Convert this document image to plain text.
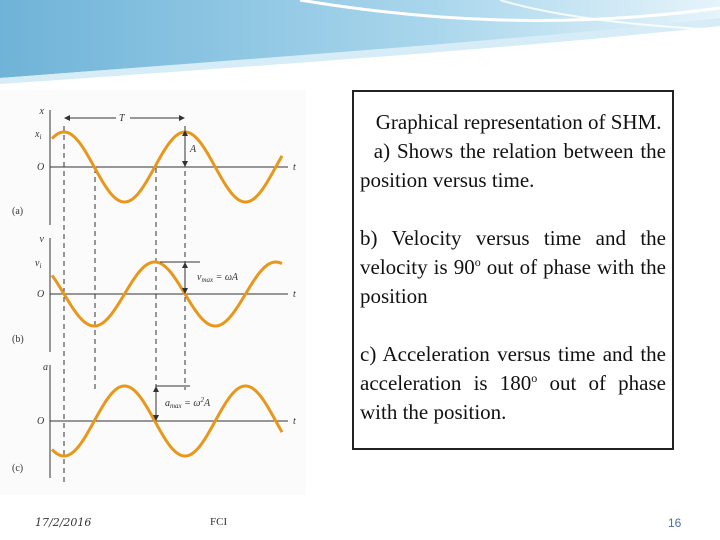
x
$x_i$
O	t
T
A
(a)
v
$v_i$
O	t
$v_{max} = \omega A$
(b)
a
O	t
$a_{max} = \omega^2A$
(c)

Graphical representation of SHM.

a) Shows the relation between the position versus time.

b) Velocity versus time and the velocity is 90$^o$ out of phase with the position

c) Acceleration versus time and the acceleration is 180$^o$ out of phase with the position.

17/2/2016	FCI	16
